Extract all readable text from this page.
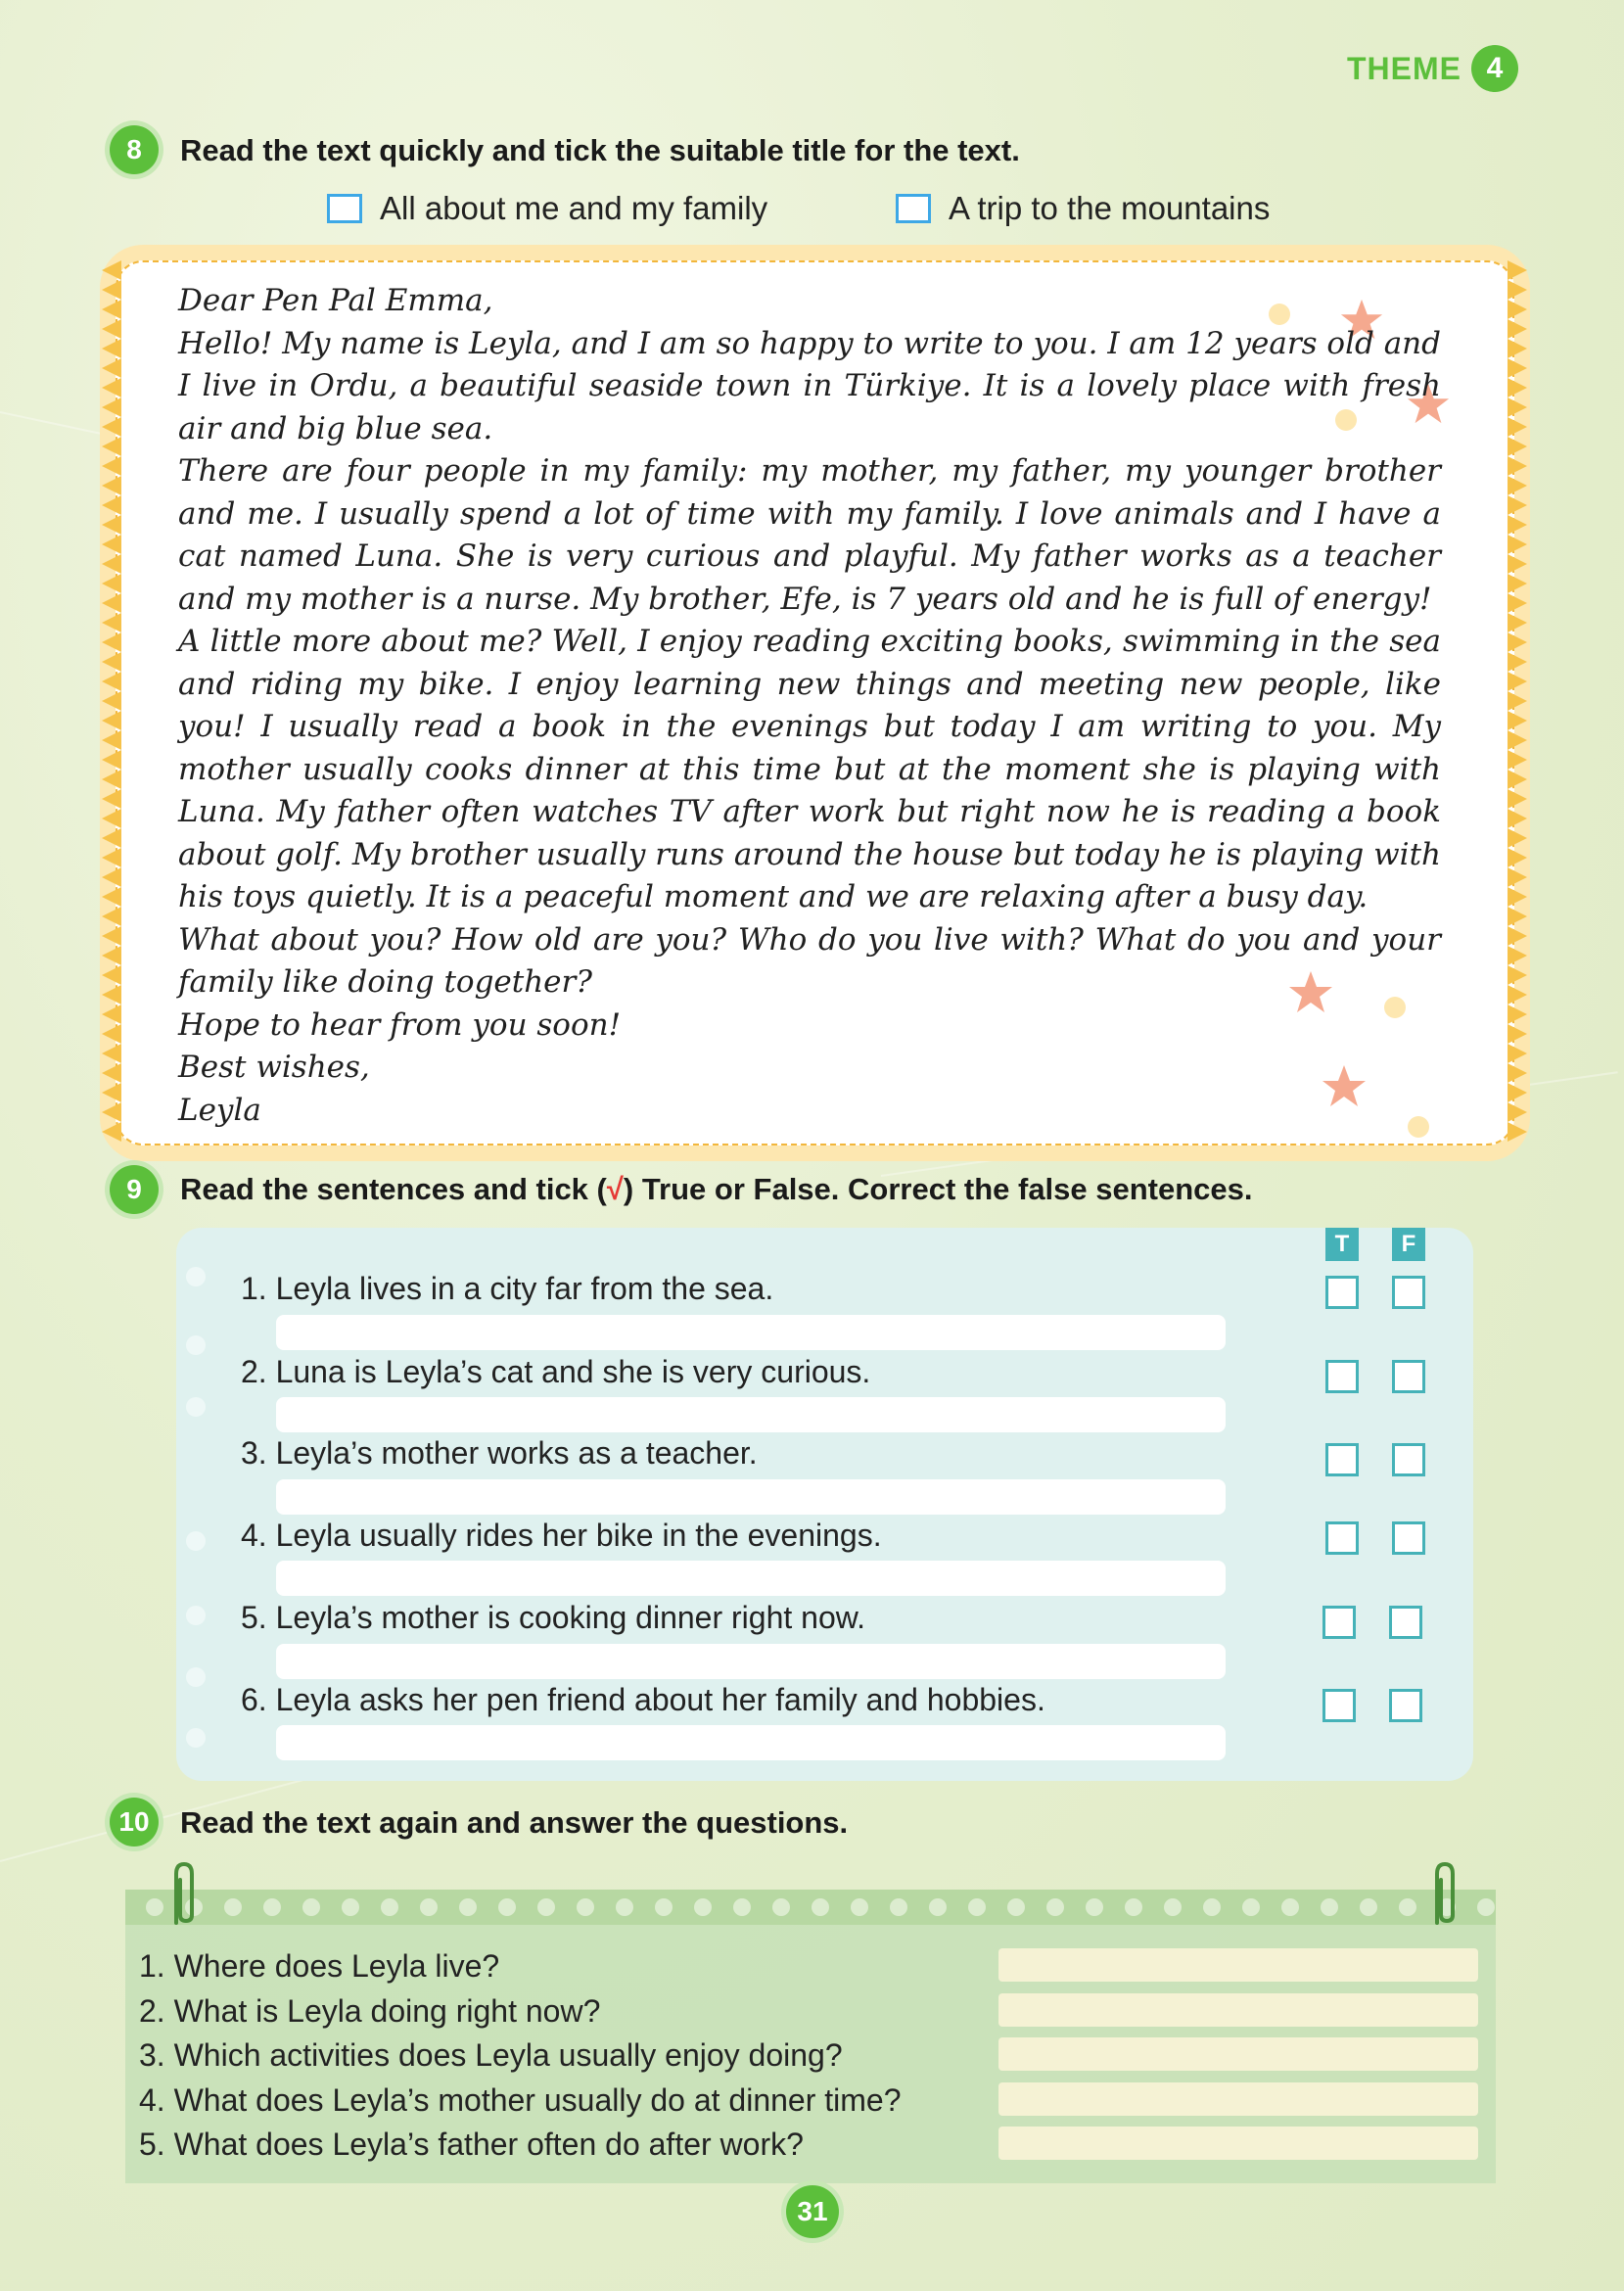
THEME 4
8	Read the text quickly and tick the suitable title for the text.
All about me and my family	A trip to the mountains

Dear Pen Pal Emma,

Hello! My name is Leyla, and I am so happy to write to you. I am 12 years old and I live in Ordu, a beautiful seaside town in Türkiye. It is a lovely place with fresh air and big blue sea.

There are four people in my family: my mother, my father, my younger brother and me. I usually spend a lot of time with my family. I love animals and I have a cat named Luna. She is very curious and playful. My father works as a teacher and my mother is a nurse. My brother, Efe, is 7 years old and he is full of energy!

A little more about me? Well, I enjoy reading exciting books, swimming in the sea and riding my bike. I enjoy learning new things and meeting new people, like you! I usually read a book in the evenings but today I am writing to you. My mother usually cooks dinner at this time but at the moment she is playing with Luna. My father often watches TV after work but right now he is reading a book about golf. My brother usually runs around the house but today he is playing with his toys quietly. It is a peaceful moment and we are relaxing after a busy day.

What about you? How old are you? Who do you live with? What do you and your family like doing together?

Hope to hear from you soon!

Best wishes,

Leyla

9	Read the sentences and tick (√) True or False. Correct the false sentences.
T	F
1. Leyla lives in a city far from the sea.
2. Luna is Leyla’s cat and she is very curious.
3. Leyla’s mother works as a teacher.
4. Leyla usually rides her bike in the evenings.
5. Leyla’s mother is cooking dinner right now.
6. Leyla asks her pen friend about her family and hobbies.
10	Read the text again and answer the questions.
1. Where does Leyla live?
2. What is Leyla doing right now?
3. Which activities does Leyla usually enjoy doing?
4. What does Leyla’s mother usually do at dinner time?
5. What does Leyla’s father often do after work?
31
